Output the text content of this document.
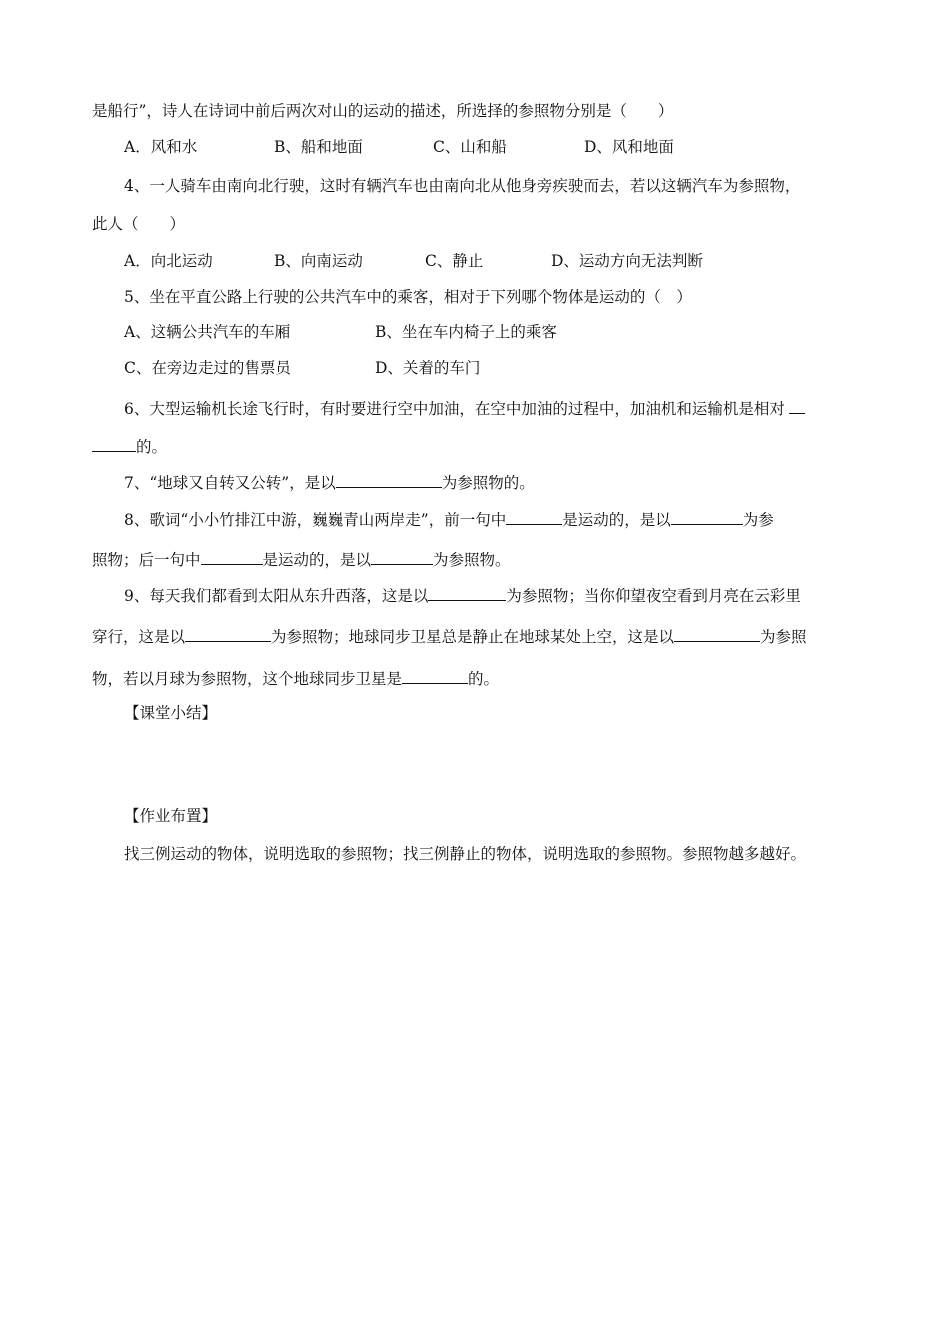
是船行”，诗人在诗词中前后两次对山的运动的描述，所选择的参照物分别是（　　）
A．风和水	B、船和地面	C、山和船	D、风和地面
4、一人骑车由南向北行驶，这时有辆汽车也由南向北从他身旁疾驶而去，若以这辆汽车为参照物，
此人（　　）
A．向北运动	B、向南运动	C、静止	D、运动方向无法判断
5、坐在平直公路上行驶的公共汽车中的乘客，相对于下列哪个物体是运动的（　）
A、这辆公共汽车的车厢	B、坐在车内椅子上的乘客
C、在旁边走过的售票员	D、关着的车门
6、大型运输机长途飞行时，有时要进行空中加油，在空中加油的过程中，加油机和运输机是相对
的。
7、“地球又自转又公转”，是以	为参照物的。
8、歌词“小小竹排江中游，巍巍青山两岸走”，前一句中	是运动的，是以	为参
照物；后一句中	是运动的，是以	为参照物。
9、每天我们都看到太阳从东升西落，这是以	为参照物；当你仰望夜空看到月亮在云彩里
穿行，这是以	为参照物；地球同步卫星总是静止在地球某处上空，这是以	为参照
物，若以月球为参照物，这个地球同步卫星是	的。
【课堂小结】
【作业布置】
找三例运动的物体，说明选取的参照物；找三例静止的物体，说明选取的参照物。参照物越多越好。
